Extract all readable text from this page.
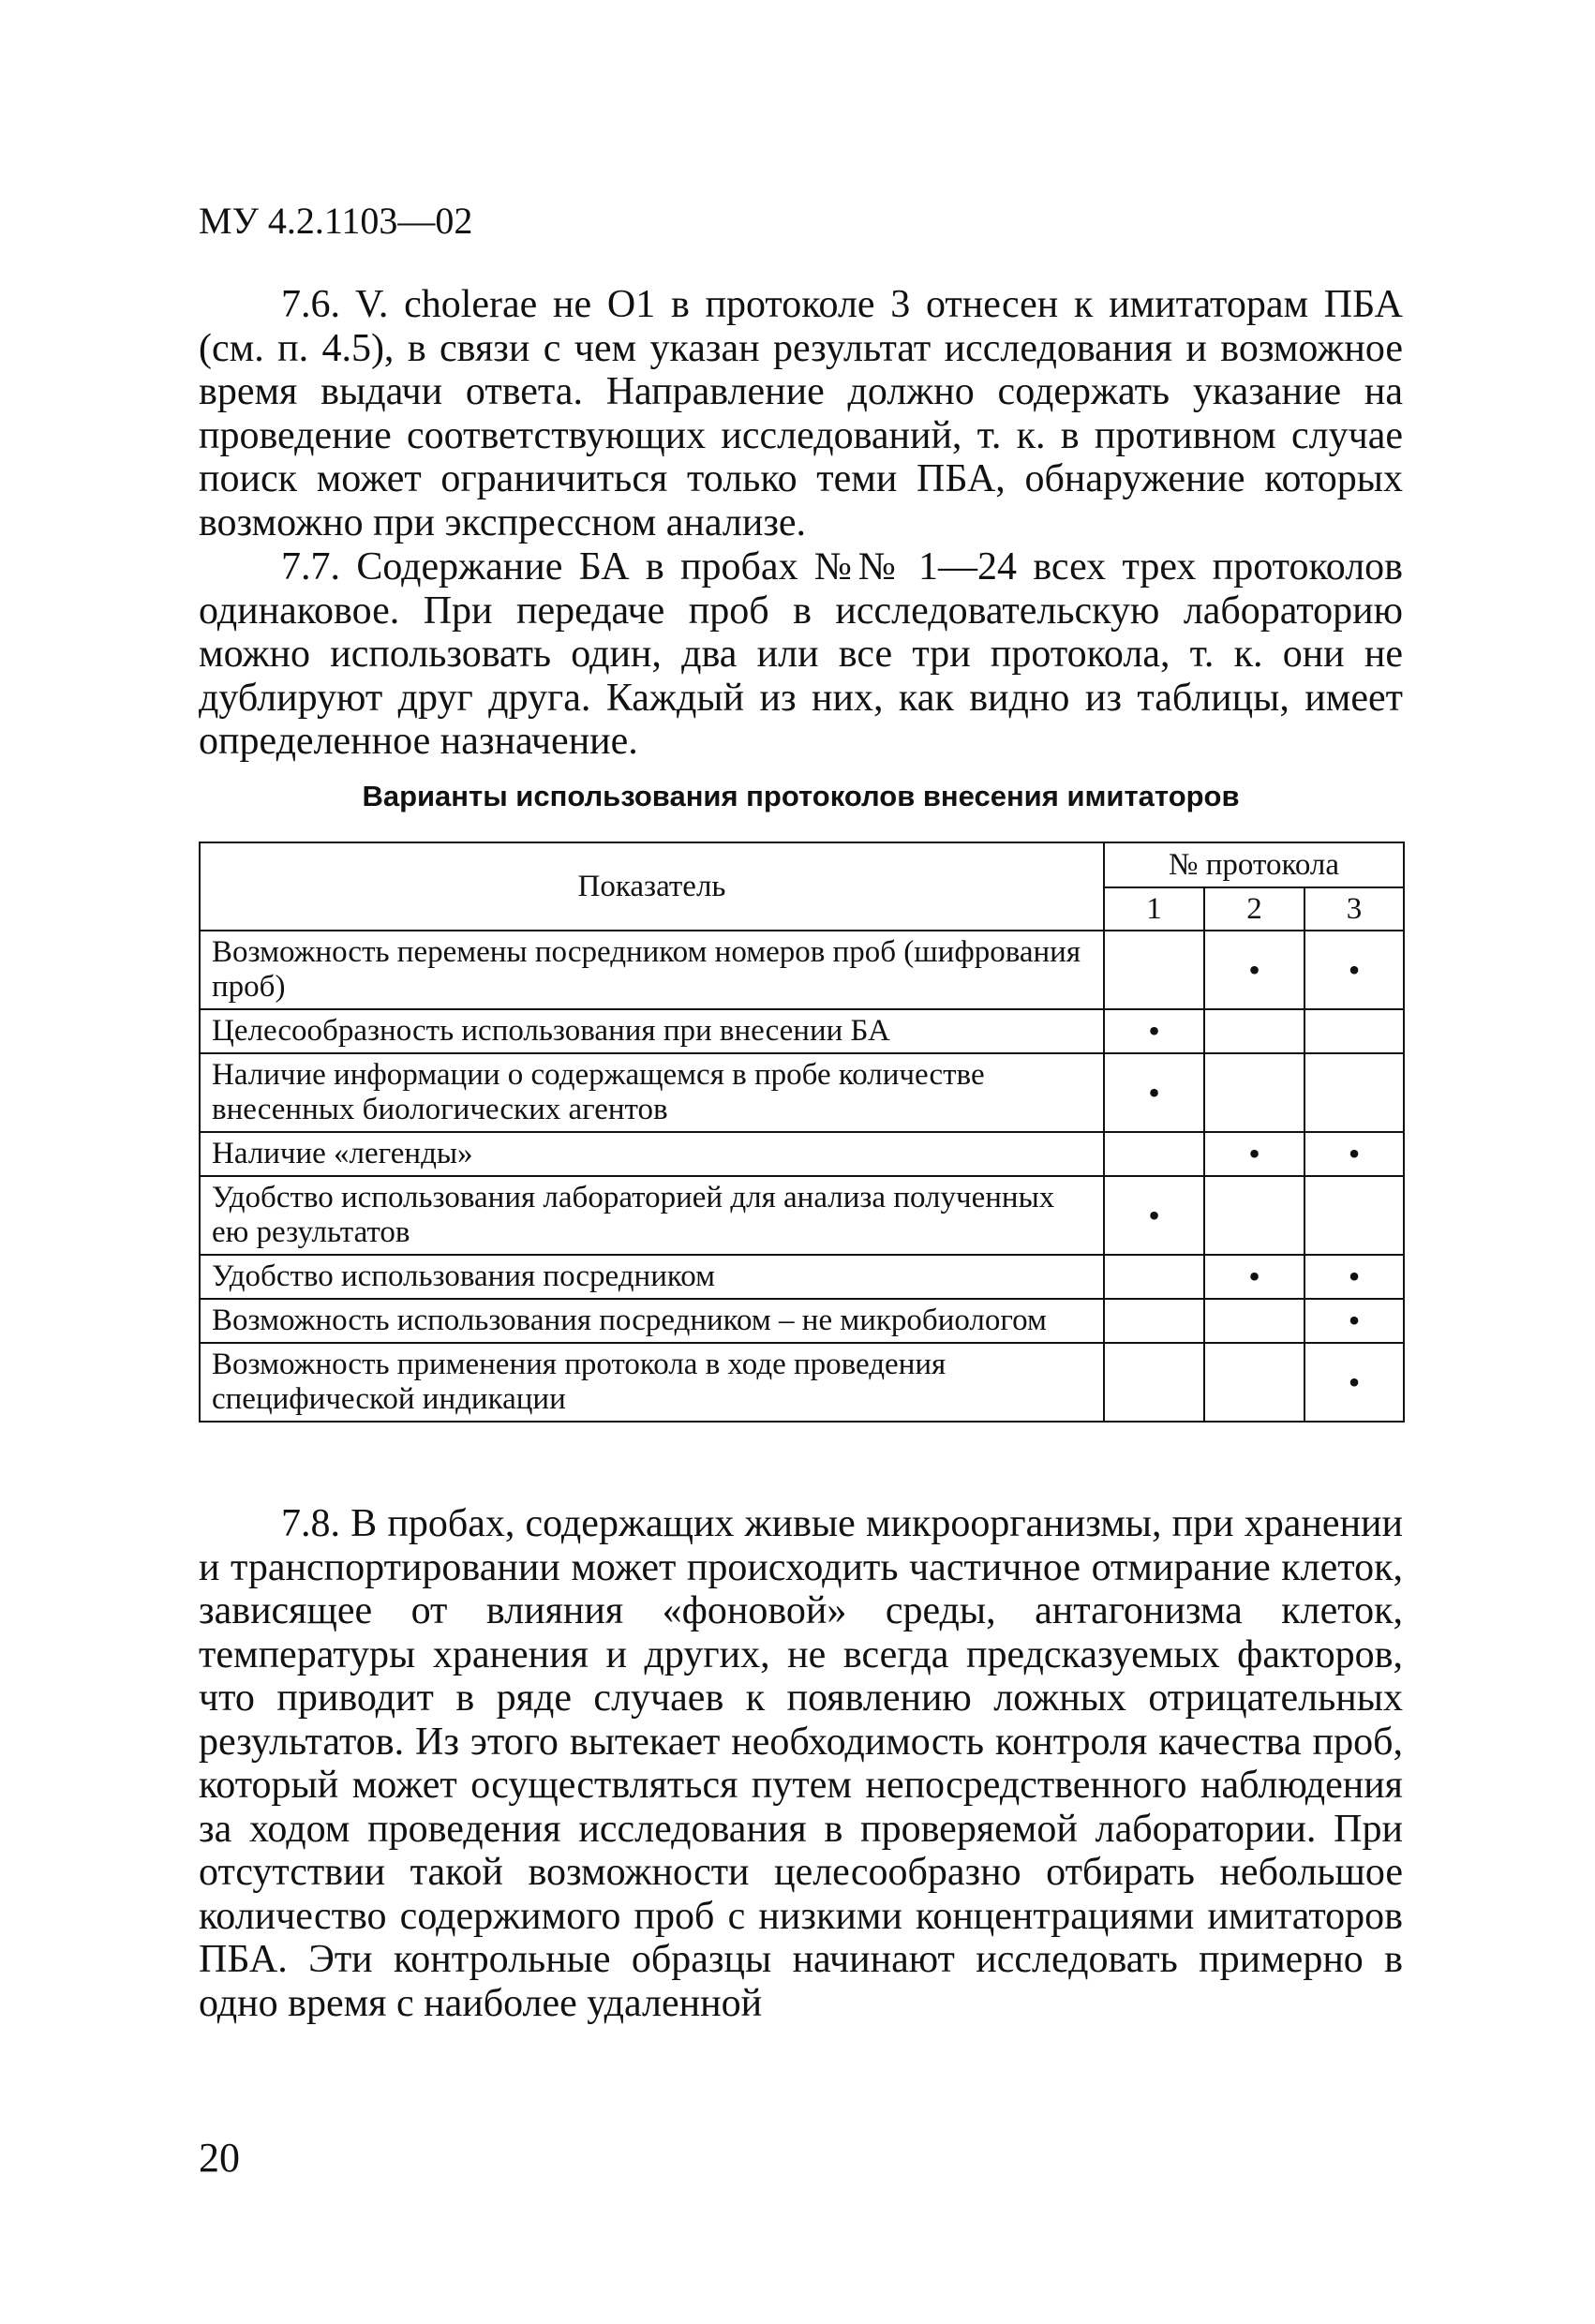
МУ 4.2.1103—02

7.6. V. cholerae не O1 в протоколе 3 отнесен к имитаторам ПБА (см. п. 4.5), в связи с чем указан результат исследования и возможное время выдачи ответа. Направление должно содержать указание на проведение соответствующих исследований, т. к. в противном случае поиск может ограничиться только теми ПБА, обнаружение которых возможно при экспрессном анализе.

7.7. Содержание БА в пробах №№ 1—24 всех трех протоколов одинаковое. При передаче проб в исследовательскую лабораторию можно использовать один, два или все три протокола, т. к. они не дублируют друг друга. Каждый из них, как видно из таблицы, имеет определенное назначение.

Варианты использования протоколов внесения имитаторов
Показатель	№ протокола		
	1	2	3
Возможность перемены посредником номеров проб (шифрования проб)		•	•
Целесообразность использования при внесении БА	•		
Наличие информации о содержащемся в пробе количестве внесенных биологических агентов	•		
Наличие «легенды»		•	•
Удобство использования лабораторией для анализа полученных ею результатов	•		
Удобство использования посредником		•	•
Возможность использования посредником – не микробиологом			•
Возможность применения протокола в ходе проведения специфической индикации			•

7.8. В пробах, содержащих живые микроорганизмы, при хранении и транспортировании может происходить частичное отмирание клеток, зависящее от влияния «фоновой» среды, антагонизма клеток, температуры хранения и других, не всегда предсказуемых факторов, что приводит в ряде случаев к появлению ложных отрицательных результатов. Из этого вытекает необходимость контроля качества проб, который может осуществляться путем непосредственного наблюдения за ходом проведения исследования в проверяемой лаборатории. При отсутствии такой возможности целесообразно отбирать небольшое количество содержимого проб с низкими концентрациями имитаторов ПБА. Эти контрольные образцы начинают исследовать примерно в одно время с наиболее удаленной

20
